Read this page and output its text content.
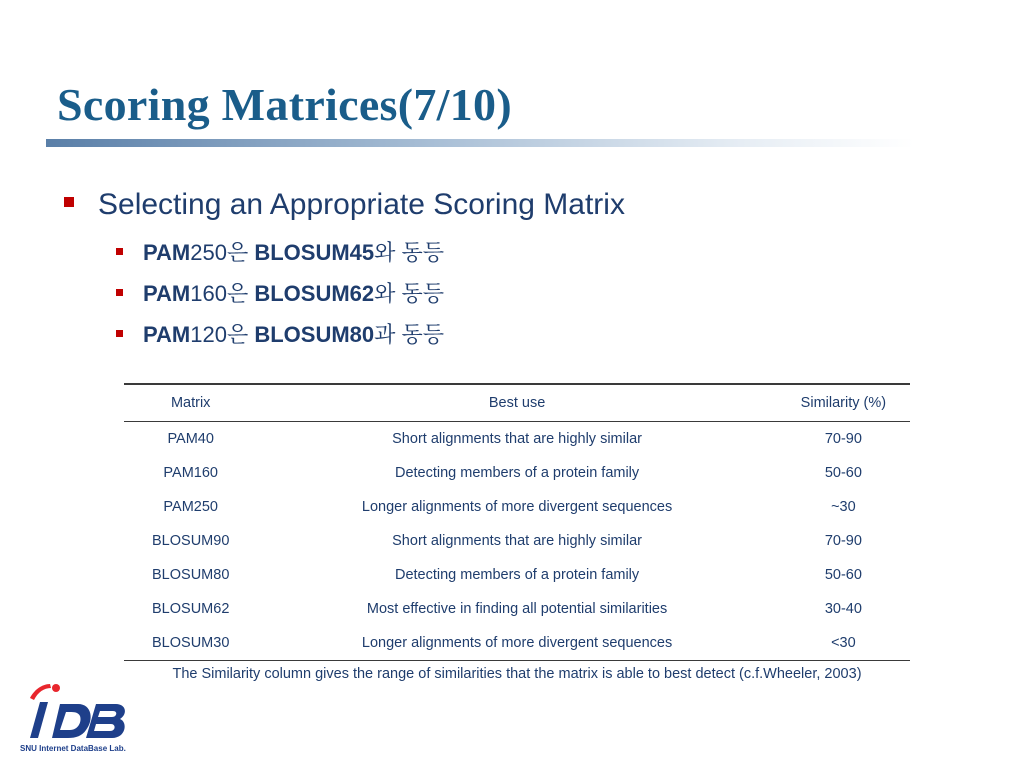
Scoring Matrices(7/10)
Selecting an Appropriate Scoring Matrix
PAM250은 BLOSUM45와 동등
PAM160은 BLOSUM62와 동등
PAM120은 BLOSUM80과 동등
Matrix	Best use	Similarity (%)
PAM40	Short alignments that are highly similar	70-90
PAM160	Detecting members of a protein family	50-60
PAM250	Longer alignments of more divergent sequences	~30
BLOSUM90	Short alignments that are highly similar	70-90
BLOSUM80	Detecting members of a protein family	50-60
BLOSUM62	Most effective in finding all potential similarities	30-40
BLOSUM30	Longer alignments of more divergent sequences	<30
The Similarity column gives the range of similarities that the matrix is able to best detect (c.f.Wheeler, 2003)
SNU Internet DataBase Lab.
